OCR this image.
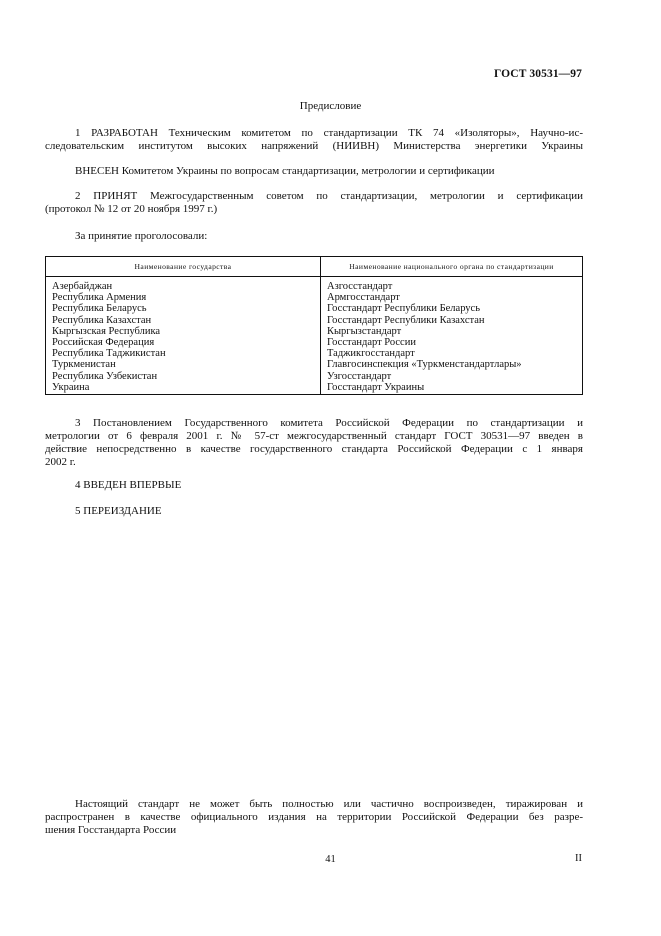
ГОСТ 30531—97
Предисловие
1 РАЗРАБОТАН Техническим комитетом по стандартизации ТК 74 «Изоляторы», Научно-ис-
следовательским институтом высоких напряжений (НИИВН) Министерства энергетики Украины
ВНЕСЕН Комитетом Украины по вопросам стандартизации, метрологии и сертификации
2 ПРИНЯТ Межгосударственным советом по стандартизации, метрологии и сертификации
(протокол № 12 от 20 ноября 1997 г.)
За принятие проголосовали:
Наименование государства	Наименование национального органа по стандартизации
Азербайджан	Азгосстандарт
Республика Армения	Армгосстандарт
Республика Беларусь	Госстандарт Республики Беларусь
Республика Казахстан	Госстандарт Республики Казахстан
Кыргызская Республика	Кыргызстандарт
Российская Федерация	Госстандарт России
Республика Таджикистан	Таджикгосстандарт
Туркменистан	Главгосинспекция «Туркменстандартлары»
Республика Узбекистан	Узгосстандарт
Украина	Госстандарт Украины
3 Постановлением Государственного комитета Российской Федерации по стандартизации и
метрологии от 6 февраля 2001 г. № 57-ст межгосударственный стандарт ГОСТ 30531—97 введен в
действие непосредственно в качестве государственного стандарта Российской Федерации с 1 января
2002 г.
4 ВВЕДЕН ВПЕРВЫЕ
5 ПЕРЕИЗДАНИЕ
Настоящий стандарт не может быть полностью или частично воспроизведен, тиражирован и
распространен в качестве официального издания на территории Российской Федерации без разре-
шения Госстандарта России
41	II
